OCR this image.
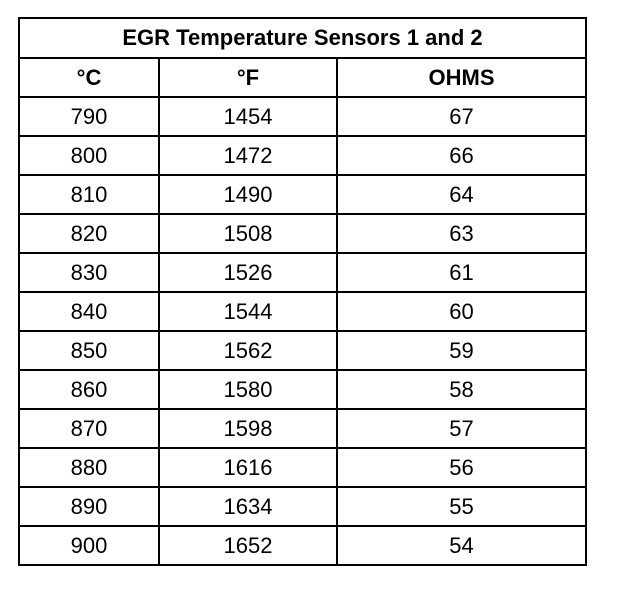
EGR Temperature Sensors 1 and 2		
°C	°F	OHMS
790	1454	67
800	1472	66
810	1490	64
820	1508	63
830	1526	61
840	1544	60
850	1562	59
860	1580	58
870	1598	57
880	1616	56
890	1634	55
900	1652	54
